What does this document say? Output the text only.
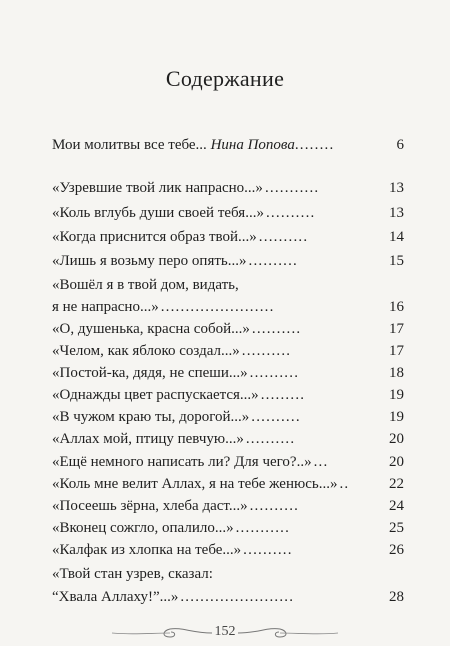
Содержание
Мои молитвы все тебе... Нина Попова........	6
«Узревшие твой лик напрасно...» ...........	13
«Коль вглубь души своей тебя...» ..........	13
«Когда приснится образ твой...» ..........	14
«Лишь я возьму перо опять...» ..........	15
«Вошёл я в твой дом, видать,
я не напрасно...» .......................	16
«О, душенька, красна собой...» ..........	17
«Челом, как яблоко создал...» ..........	17
«Постой-ка, дядя, не спеши...» ..........	18
«Однажды цвет распускается...» .........	19
«В чужом краю ты, дорогой...» ..........	19
«Аллах мой, птицу певчую...» ..........	20
«Ещё немного написать ли? Для чего?..» ...	20
«Коль мне велит Аллах, я на тебе женюсь...» ..	22
«Посеешь зёрна, хлеба даст...» ..........	24
«Вконец сожгло, опалило...» ...........	25
«Калфак из хлопка на тебе...» ..........	26
«Твой стан узрев, сказал:
“Хвала Аллаху!”...» .......................	28
152
